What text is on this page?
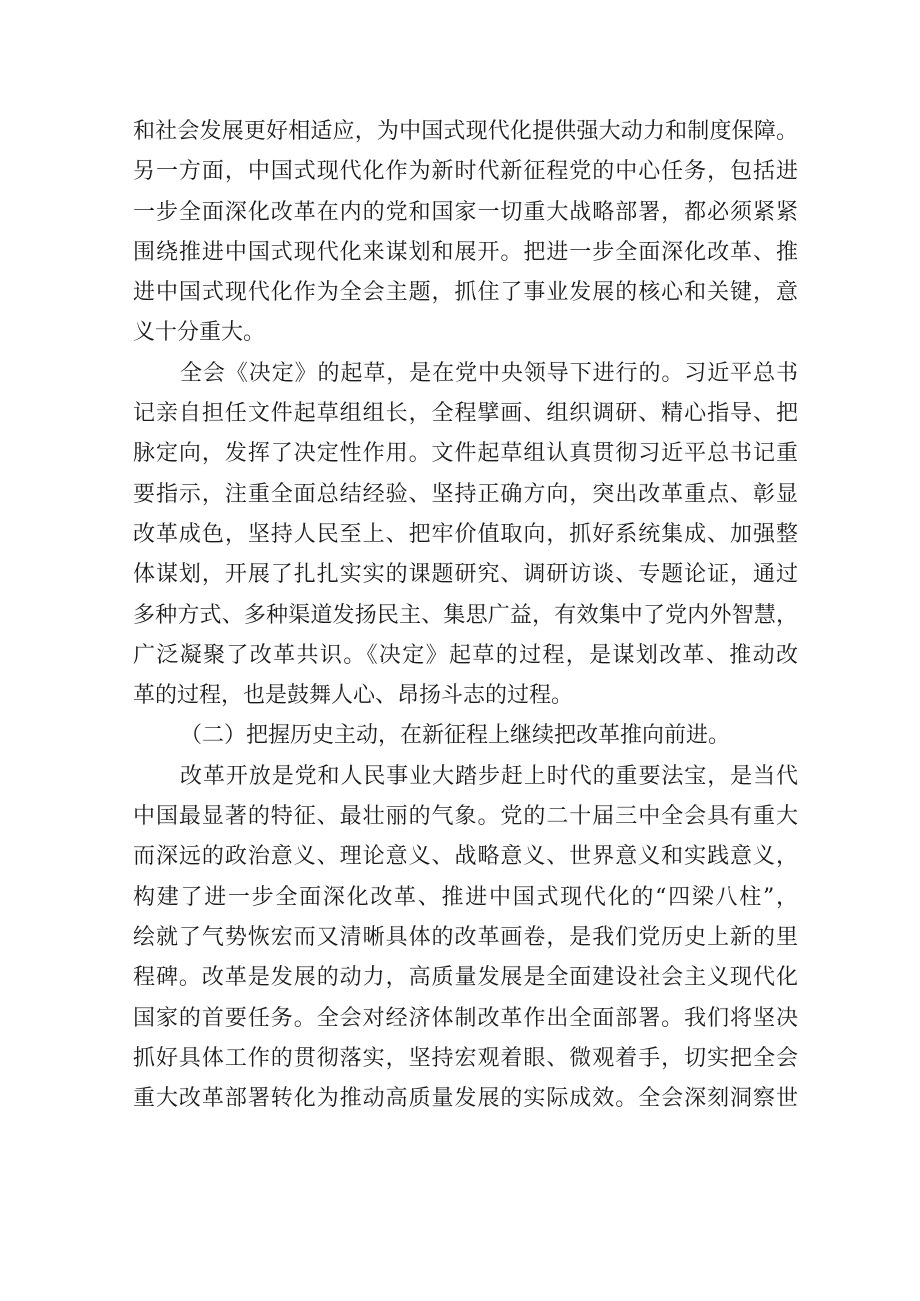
和社会发展更好相适应，为中国式现代化提供强大动力和制度保障。
另一方面，中国式现代化作为新时代新征程党的中心任务，包括进
一步全面深化改革在内的党和国家一切重大战略部署，都必须紧紧
围绕推进中国式现代化来谋划和展开。把进一步全面深化改革、推
进中国式现代化作为全会主题，抓住了事业发展的核心和关键，意
义十分重大。
全会《决定》的起草，是在党中央领导下进行的。习近平总书
记亲自担任文件起草组组长，全程擘画、组织调研、精心指导、把
脉定向，发挥了决定性作用。文件起草组认真贯彻习近平总书记重
要指示，注重全面总结经验、坚持正确方向，突出改革重点、彰显
改革成色，坚持人民至上、把牢价值取向，抓好系统集成、加强整
体谋划，开展了扎扎实实的课题研究、调研访谈、专题论证，通过
多种方式、多种渠道发扬民主、集思广益，有效集中了党内外智慧，
广泛凝聚了改革共识。《决定》起草的过程，是谋划改革、推动改
革的过程，也是鼓舞人心、昂扬斗志的过程。
（二）把握历史主动，在新征程上继续把改革推向前进。
改革开放是党和人民事业大踏步赶上时代的重要法宝，是当代
中国最显著的特征、最壮丽的气象。党的二十届三中全会具有重大
而深远的政治意义、理论意义、战略意义、世界意义和实践意义，
构建了进一步全面深化改革、推进中国式现代化的“四梁八柱”，
绘就了气势恢宏而又清晰具体的改革画卷，是我们党历史上新的里
程碑。改革是发展的动力，高质量发展是全面建设社会主义现代化
国家的首要任务。全会对经济体制改革作出全面部署。我们将坚决
抓好具体工作的贯彻落实，坚持宏观着眼、微观着手，切实把全会
重大改革部署转化为推动高质量发展的实际成效。全会深刻洞察世
